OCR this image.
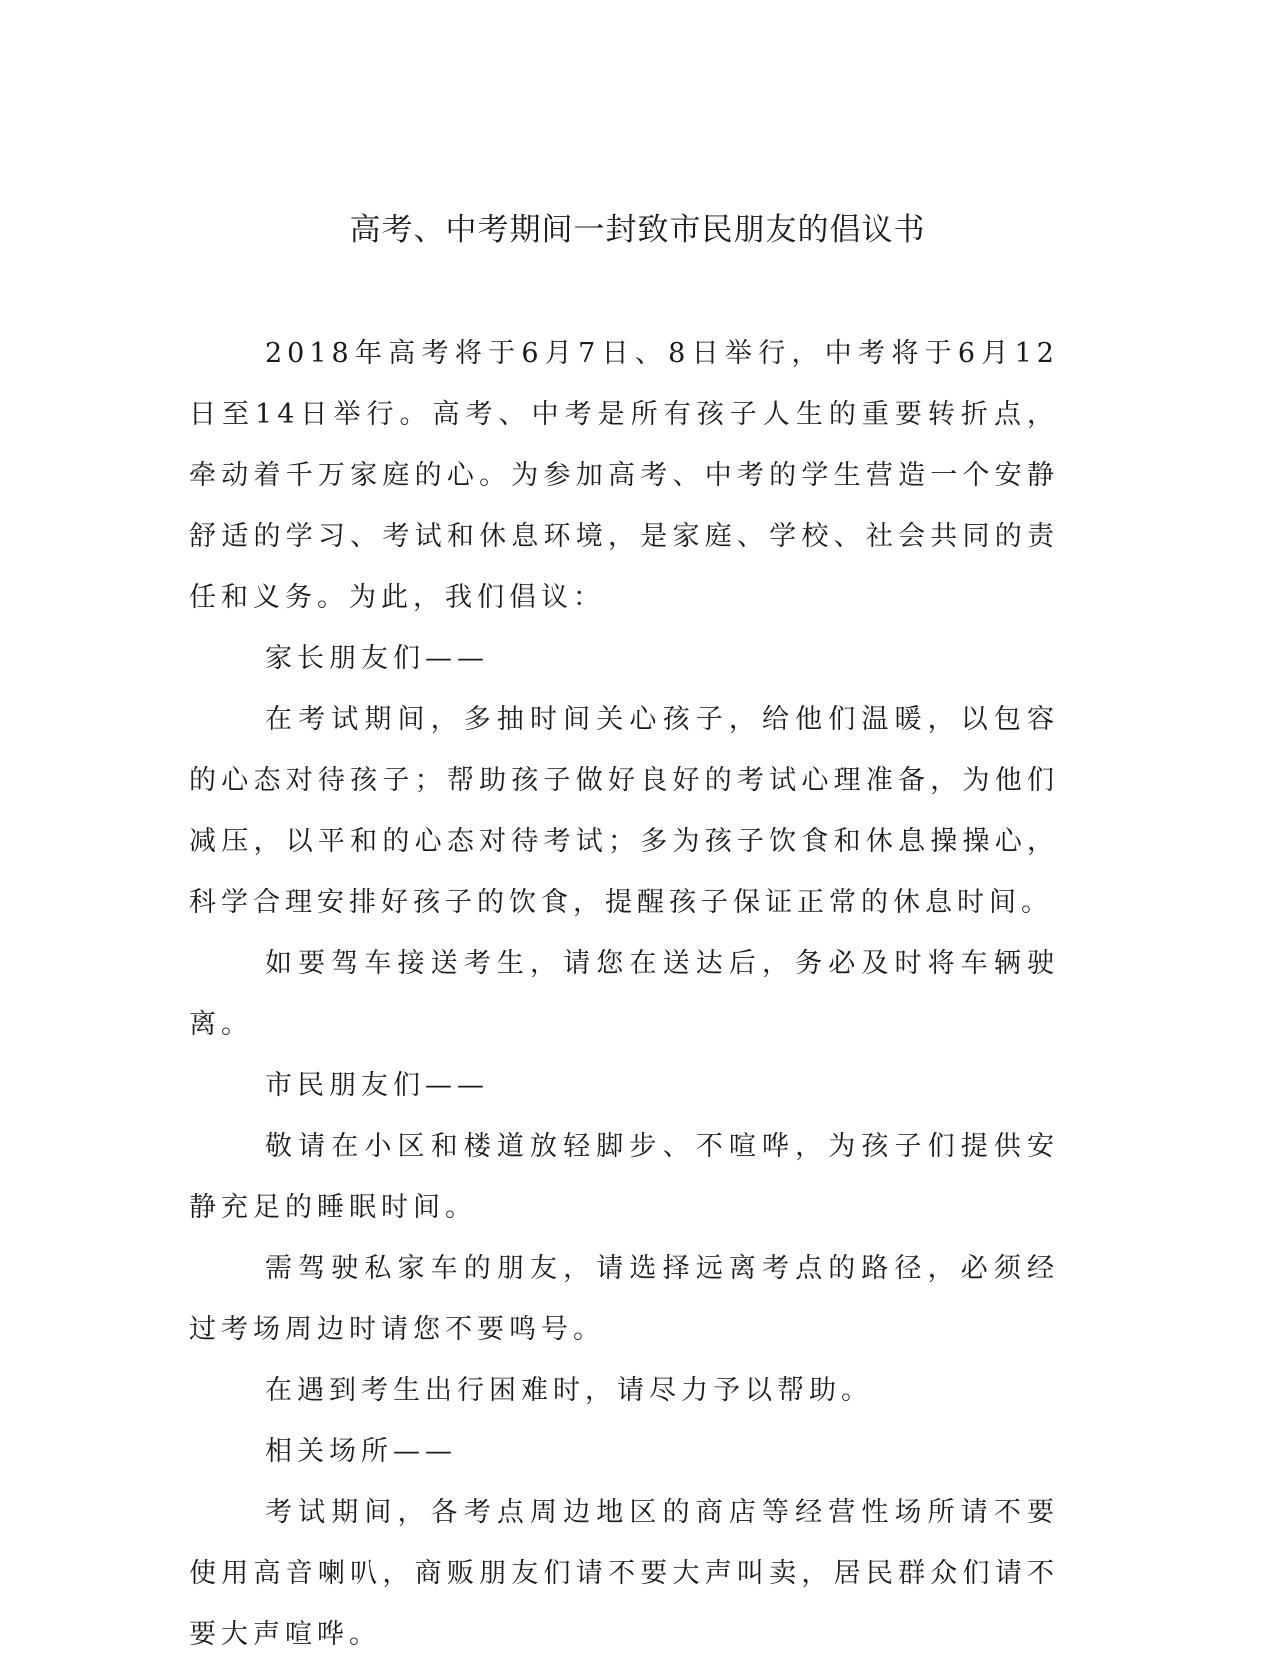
高考、中考期间一封致市民朋友的倡议书

2018年高考将于6月7日、8日举行，中考将于6月12日至14日举行。高考、中考是所有孩子人生的重要转折点，牵动着千万家庭的心。为参加高考、中考的学生营造一个安静舒适的学习、考试和休息环境，是家庭、学校、社会共同的责任和义务。为此，我们倡议：

家长朋友们——

在考试期间，多抽时间关心孩子，给他们温暖，以包容的心态对待孩子；帮助孩子做好良好的考试心理准备，为他们减压，以平和的心态对待考试；多为孩子饮食和休息操操心，科学合理安排好孩子的饮食，提醒孩子保证正常的休息时间。

如要驾车接送考生，请您在送达后，务必及时将车辆驶离。

市民朋友们——

敬请在小区和楼道放轻脚步、不喧哗，为孩子们提供安静充足的睡眠时间。

需驾驶私家车的朋友，请选择远离考点的路径，必须经过考场周边时请您不要鸣号。

在遇到考生出行困难时，请尽力予以帮助。

相关场所——

考试期间，各考点周边地区的商店等经营性场所请不要使用高音喇叭，商贩朋友们请不要大声叫卖，居民群众们请不要大声喧哗。
